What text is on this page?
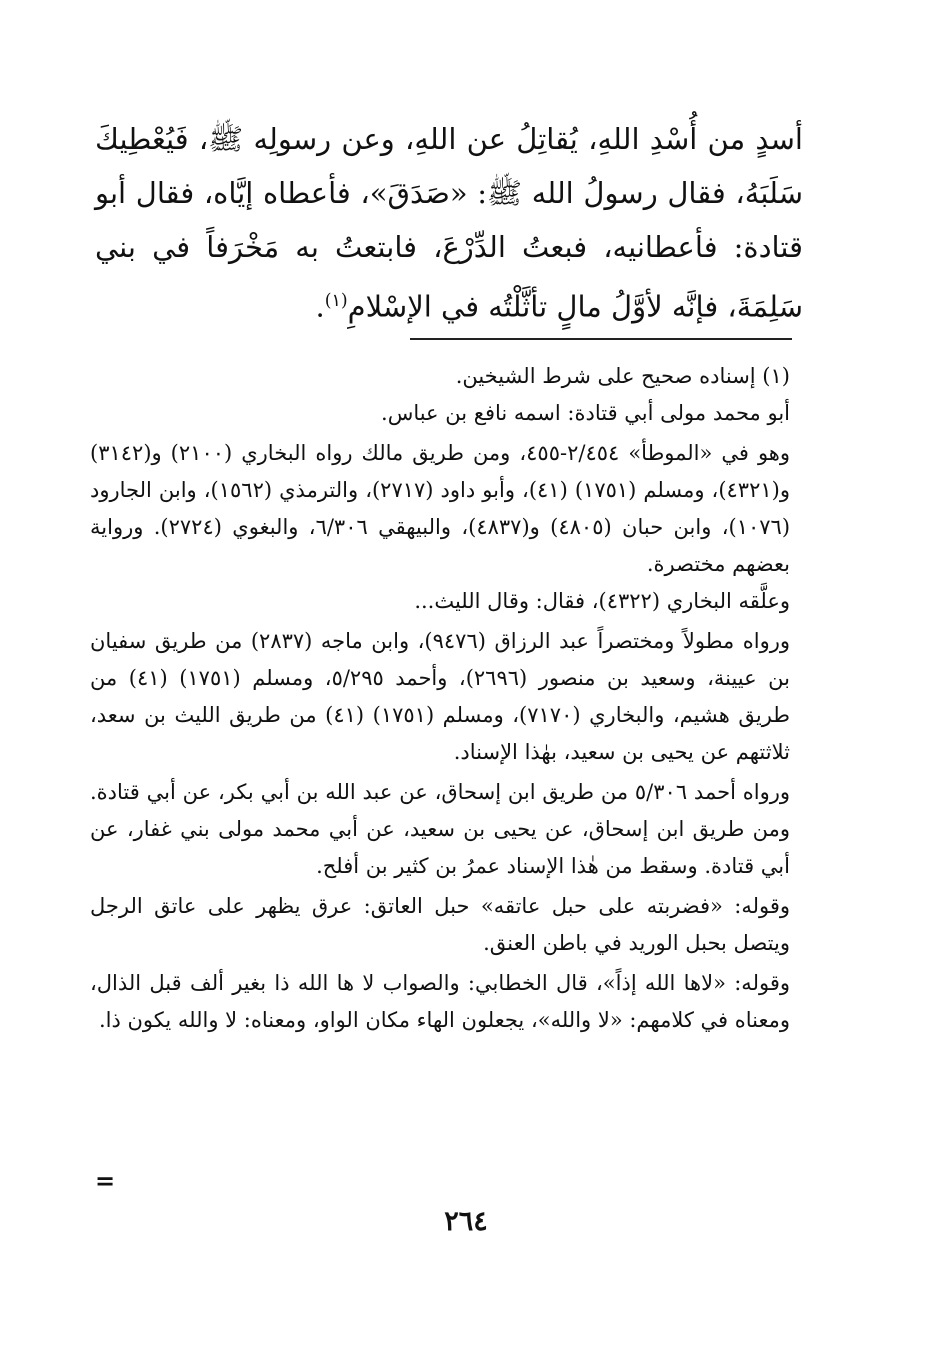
أسدٍ من أُسْدِ اللهِ، يُقاتِلُ عن اللهِ، وعن رسولِه ﷺ، فَيُعْطِيكَ سَلَبَهُ، فقال رسولُ الله ﷺ: «صَدَقَ»، فأعطاه إيَّاه، فقال أبو قتادة: فأعطانيه، فبعتُ الدِّرْعَ، فابتعتُ به مَخْرَفاً في بني سَلِمَةَ، فإنَّه لأوَّلُ مالٍ تأثَّلْتُه في الإسْلامِ$^{(١)}$.

(١) إسناده صحيح على شرط الشيخين.

أبو محمد مولى أبي قتادة: اسمه نافع بن عباس.

وهو في «الموطأ» ٢/٤٥٤-٤٥٥، ومن طريق مالك رواه البخاري (٢١٠٠) و(٣١٤٢) و(٤٣٢١)، ومسلم (١٧٥١) (٤١)، وأبو داود (٢٧١٧)، والترمذي (١٥٦٢)، وابن الجارود (١٠٧٦)، وابن حبان (٤٨٠٥) و(٤٨٣٧)، والبيهقي ٦/٣٠٦، والبغوي (٢٧٢٤). ورواية بعضهم مختصرة.

وعلَّقه البخاري (٤٣٢٢)، فقال: وقال الليث...

ورواه مطولاً ومختصراً عبد الرزاق (٩٤٧٦)، وابن ماجه (٢٨٣٧) من طريق سفيان بن عيينة، وسعيد بن منصور (٢٦٩٦)، وأحمد ٥/٢٩٥، ومسلم (١٧٥١) (٤١) من طريق هشيم، والبخاري (٧١٧٠)، ومسلم (١٧٥١) (٤١) من طريق الليث بن سعد، ثلاثتهم عن يحيى بن سعيد، بهٰذا الإسناد.

ورواه أحمد ٥/٣٠٦ من طريق ابن إسحاق، عن عبد الله بن أبي بكر، عن أبي قتادة. ومن طريق ابن إسحاق، عن يحيى بن سعيد، عن أبي محمد مولى بني غفار، عن أبي قتادة. وسقط من هٰذا الإسناد عمرُ بن كثير بن أفلح.

وقوله: «فضربته على حبل عاتقه» حبل العاتق: عرق يظهر على عاتق الرجل ويتصل بحبل الوريد في باطن العنق.

وقوله: «لاها الله إذاً»، قال الخطابي: والصواب لا ها الله ذا بغير ألف قبل الذال، ومعناه في كلامهم: «لا والله»، يجعلون الهاء مكان الواو، ومعناه: لا والله يكون ذا.

=
٢٦٤
